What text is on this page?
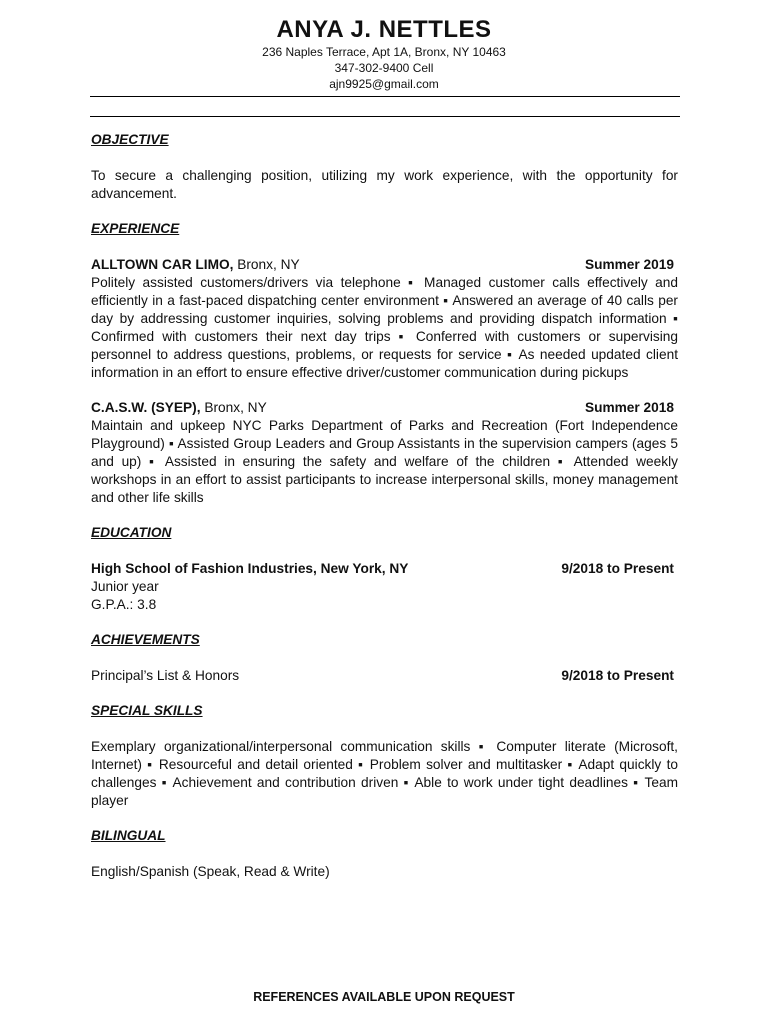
ANYA J. NETTLES
236 Naples Terrace, Apt 1A, Bronx, NY 10463
347-302-9400 Cell
ajn9925@gmail.com
OBJECTIVE
To secure a challenging position, utilizing my work experience, with the opportunity for advancement.
EXPERIENCE
ALLTOWN CAR LIMO, Bronx, NY	Summer 2019
Politely assisted customers/drivers via telephone ▪ Managed customer calls effectively and efficiently in a fast-paced dispatching center environment ▪ Answered an average of 40 calls per day by addressing customer inquiries, solving problems and providing dispatch information ▪ Confirmed with customers their next day trips ▪ Conferred with customers or supervising personnel to address questions, problems, or requests for service ▪ As needed updated client information in an effort to ensure effective driver/customer communication during pickups
C.A.S.W. (SYEP), Bronx, NY	Summer 2018
Maintain and upkeep NYC Parks Department of Parks and Recreation (Fort Independence Playground) ▪ Assisted Group Leaders and Group Assistants in the supervision campers (ages 5 and up) ▪ Assisted in ensuring the safety and welfare of the children ▪ Attended weekly workshops in an effort to assist participants to increase interpersonal skills, money management and other life skills
EDUCATION
High School of Fashion Industries, New York, NY	9/2018 to Present
Junior year
G.P.A.: 3.8
ACHIEVEMENTS
Principal’s List & Honors	9/2018 to Present
SPECIAL SKILLS
Exemplary organizational/interpersonal communication skills ▪ Computer literate (Microsoft, Internet) ▪ Resourceful and detail oriented ▪ Problem solver and multitasker ▪ Adapt quickly to challenges ▪ Achievement and contribution driven ▪ Able to work under tight deadlines ▪ Team player
BILINGUAL
English/Spanish (Speak, Read & Write)
REFERENCES AVAILABLE UPON REQUEST
